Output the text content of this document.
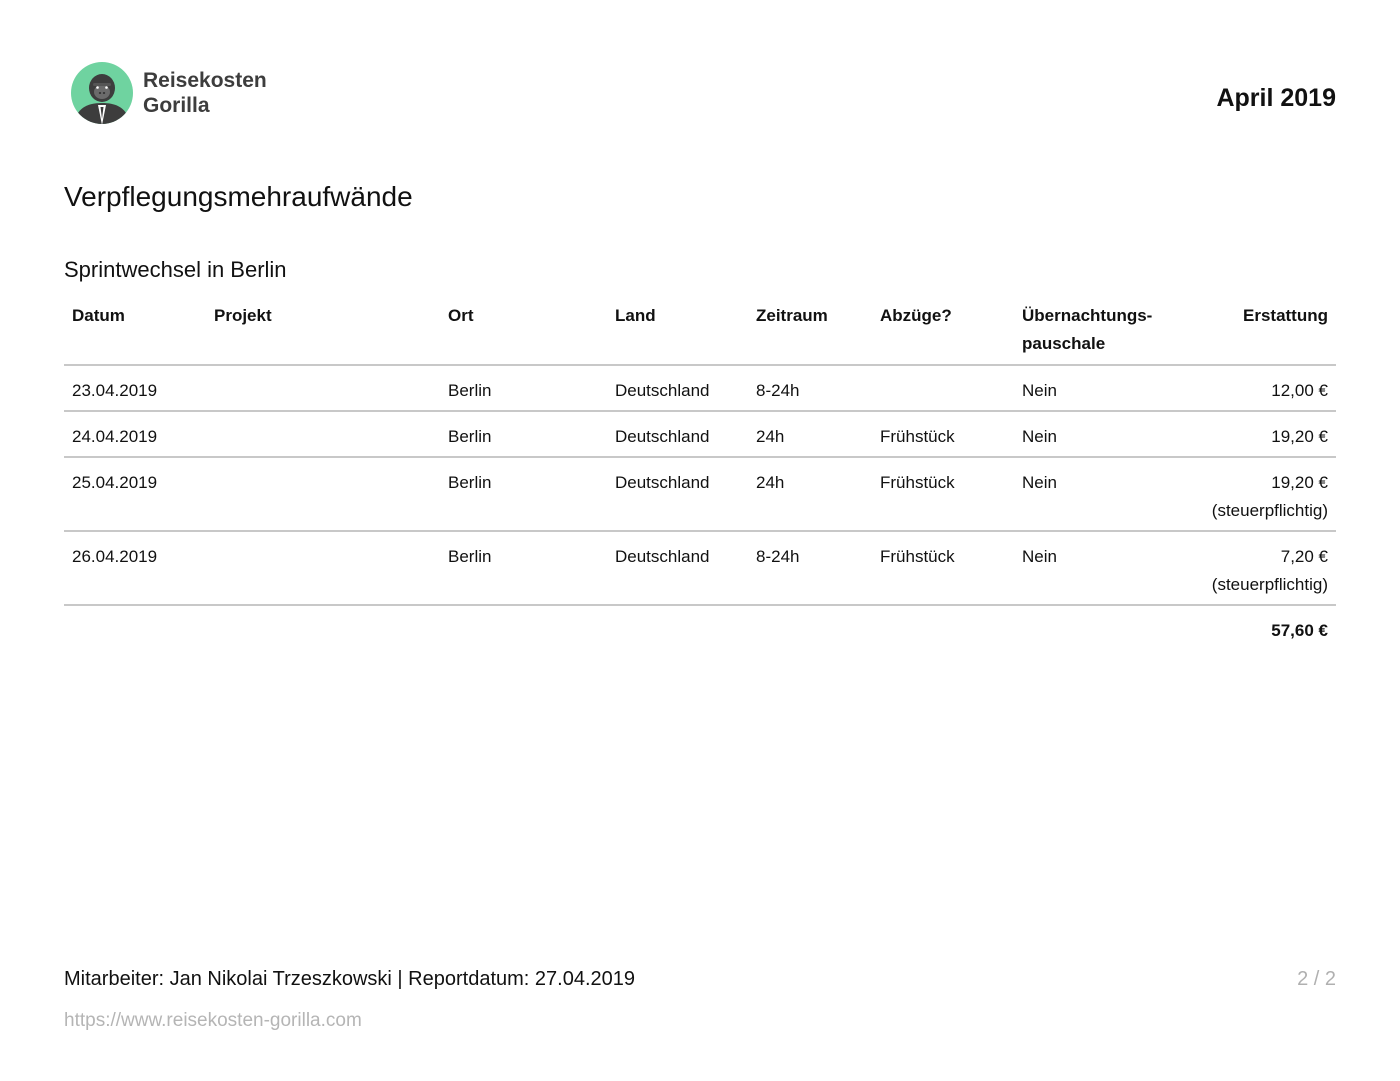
Reisekosten
Gorilla	April 2019
Verpflegungsmehraufwände
Sprintwechsel in Berlin
Datum	Projekt	Ort	Land	Zeitraum	Abzüge?	Übernachtungs-
pauschale	Erstattung
23.04.2019		Berlin	Deutschland	8-24h		Nein	12,00 €

24.04.2019		Berlin	Deutschland	24h	Frühstück	Nein	19,20 €

25.04.2019		Berlin	Deutschland	24h	Frühstück	Nein	19,20 €
(steuerpflichtig)

26.04.2019		Berlin	Deutschland	8-24h	Frühstück	Nein	7,20 €
(steuerpflichtig)

57,60 €							
Mitarbeiter: Jan Nikolai Trzeszkowski | Reportdatum: 27.04.2019	2 / 2
https://www.reisekosten-gorilla.com
